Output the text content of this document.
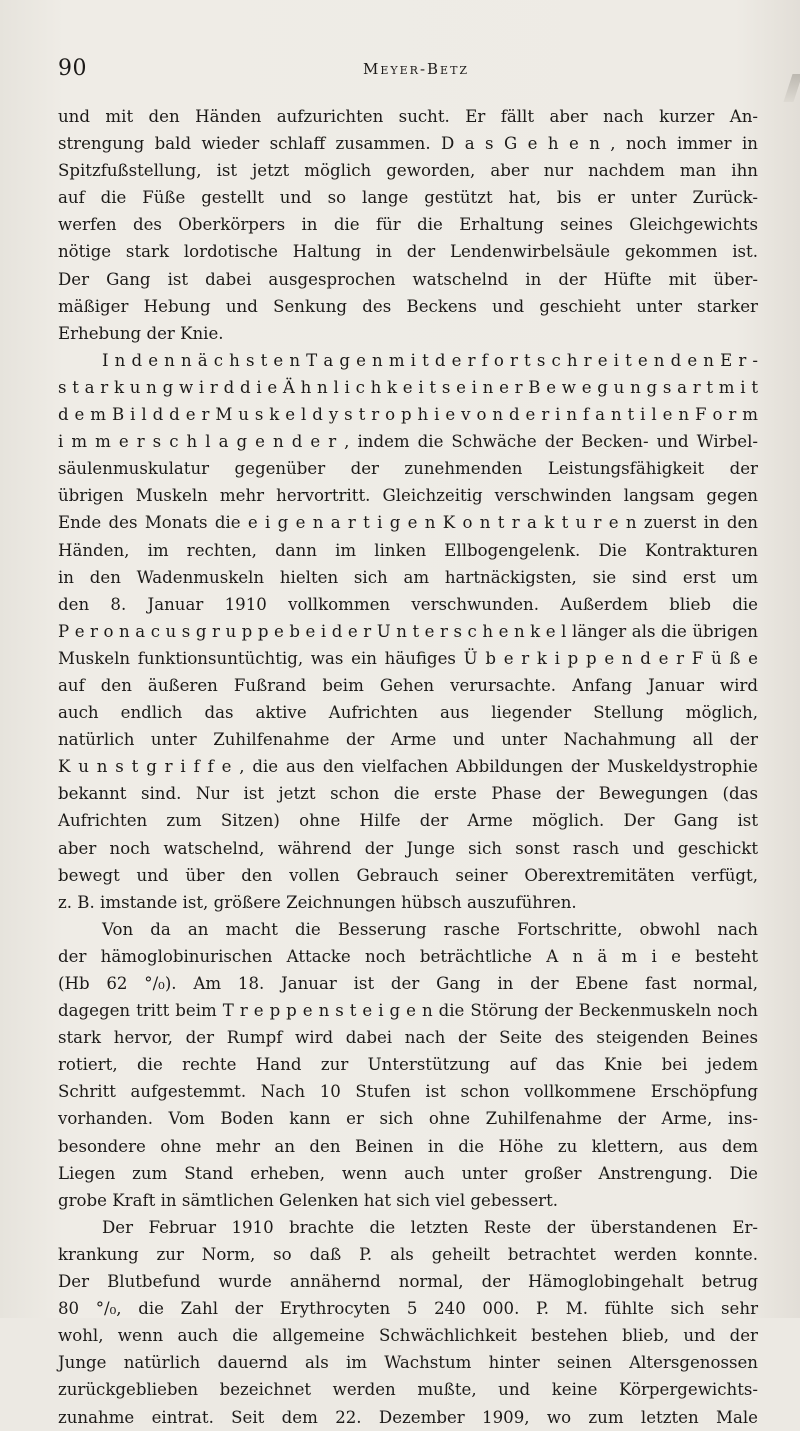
90	Meyer-Betz
und mit den Händen aufzurichten sucht. Er fällt aber nach kurzer An-
strengung bald wieder schlaff zusammen. D a s G e h e n , noch immer in
Spitzfußstellung, ist jetzt möglich geworden, aber nur nachdem man ihn
auf die Füße gestellt und so lange gestützt hat, bis er unter Zurück-
werfen des Oberkörpers in die für die Erhaltung seines Gleichgewichts
nötige stark lordotische Haltung in der Lendenwirbelsäule gekommen ist.
Der Gang ist dabei ausgesprochen watschelnd in der Hüfte mit über-
mäßiger Hebung und Senkung des Beckens und geschieht unter starker
Erhebung der Knie.
I n d e n n ä c h s t e n T a g e n m i t d e r f o r t s c h r e i t e n d e n E r -
s t a r k u n g w i r d d i e Ä h n l i c h k e i t s e i n e r B e w e g u n g s a r t m i t
d e m B i l d d e r M u s k e l d y s t r o p h i e v o n d e r i n f a n t i l e n F o r m
i m m e r s c h l a g e n d e r , indem die Schwäche der Becken- und Wirbel-
säulenmuskulatur gegenüber der zunehmenden Leistungsfähigkeit der
übrigen Muskeln mehr hervortritt. Gleichzeitig verschwinden langsam gegen
Ende des Monats die e i g e n a r t i g e n K o n t r a k t u r e n zuerst in den
Händen, im rechten, dann im linken Ellbogengelenk. Die Kontrakturen
in den Wadenmuskeln hielten sich am hartnäckigsten, sie sind erst um
den 8. Januar 1910 vollkommen verschwunden. Außerdem blieb die
P e r o n a c u s g r u p p e b e i d e r U n t e r s c h e n k e l länger als die übrigen
Muskeln funktionsuntüchtig, was ein häufiges Ü b e r k i p p e n d e r F ü ß e
auf den äußeren Fußrand beim Gehen verursachte. Anfang Januar wird
auch endlich das aktive Aufrichten aus liegender Stellung möglich,
natürlich unter Zuhilfenahme der Arme und unter Nachahmung all der
K u n s t g r i f f e , die aus den vielfachen Abbildungen der Muskeldystrophie
bekannt sind. Nur ist jetzt schon die erste Phase der Bewegungen (das
Aufrichten zum Sitzen) ohne Hilfe der Arme möglich. Der Gang ist
aber noch watschelnd, während der Junge sich sonst rasch und geschickt
bewegt und über den vollen Gebrauch seiner Oberextremitäten verfügt,
z. B. imstande ist, größere Zeichnungen hübsch auszuführen.
Von da an macht die Besserung rasche Fortschritte, obwohl nach
der hämoglobinurischen Attacke noch beträchtliche A n ä m i e besteht
(Hb 62 °/₀). Am 18. Januar ist der Gang in der Ebene fast normal,
dagegen tritt beim T r e p p e n s t e i g e n die Störung der Beckenmuskeln noch
stark hervor, der Rumpf wird dabei nach der Seite des steigenden Beines
rotiert, die rechte Hand zur Unterstützung auf das Knie bei jedem
Schritt aufgestemmt. Nach 10 Stufen ist schon vollkommene Erschöpfung
vorhanden. Vom Boden kann er sich ohne Zuhilfenahme der Arme, ins-
besondere ohne mehr an den Beinen in die Höhe zu klettern, aus dem
Liegen zum Stand erheben, wenn auch unter großer Anstrengung. Die
grobe Kraft in sämtlichen Gelenken hat sich viel gebessert.
Der Februar 1910 brachte die letzten Reste der überstandenen Er-
krankung zur Norm, so daß P. als geheilt betrachtet werden konnte.
Der Blutbefund wurde annähernd normal, der Hämoglobingehalt betrug
80 °/₀, die Zahl der Erythrocyten 5 240 000. P. M. fühlte sich sehr
wohl, wenn auch die allgemeine Schwächlichkeit bestehen blieb, und der
Junge natürlich dauernd als im Wachstum hinter seinen Altersgenossen
zurückgeblieben bezeichnet werden mußte, und keine Körpergewichts-
zunahme eintrat. Seit dem 22. Dezember 1909, wo zum letzten Male
